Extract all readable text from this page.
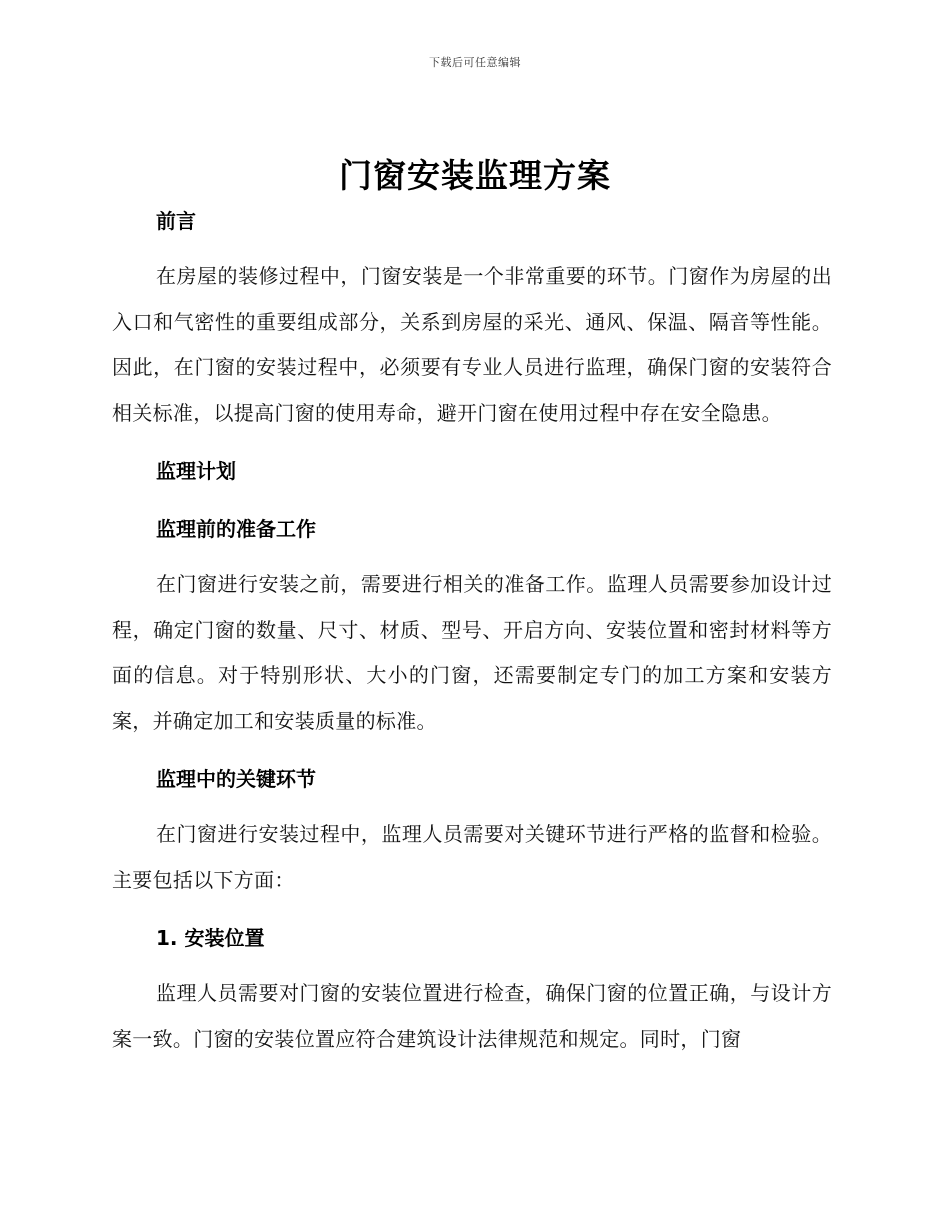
下载后可任意编辑
门窗安装监理方案

前言

在房屋的装修过程中，门窗安装是一个非常重要的环节。门窗作为房屋的出入口和气密性的重要组成部分，关系到房屋的采光、通风、保温、隔音等性能。因此，在门窗的安装过程中，必须要有专业人员进行监理，确保门窗的安装符合相关标准，以提高门窗的使用寿命，避开门窗在使用过程中存在安全隐患。

监理计划

监理前的准备工作

在门窗进行安装之前，需要进行相关的准备工作。监理人员需要参加设计过程，确定门窗的数量、尺寸、材质、型号、开启方向、安装位置和密封材料等方面的信息。对于特别形状、大小的门窗，还需要制定专门的加工方案和安装方案，并确定加工和安装质量的标准。

监理中的关键环节

在门窗进行安装过程中，监理人员需要对关键环节进行严格的监督和检验。主要包括以下方面：

1. 安装位置

监理人员需要对门窗的安装位置进行检查，确保门窗的位置正确，与设计方案一致。门窗的安装位置应符合建筑设计法律规范和规定。同时，门窗
